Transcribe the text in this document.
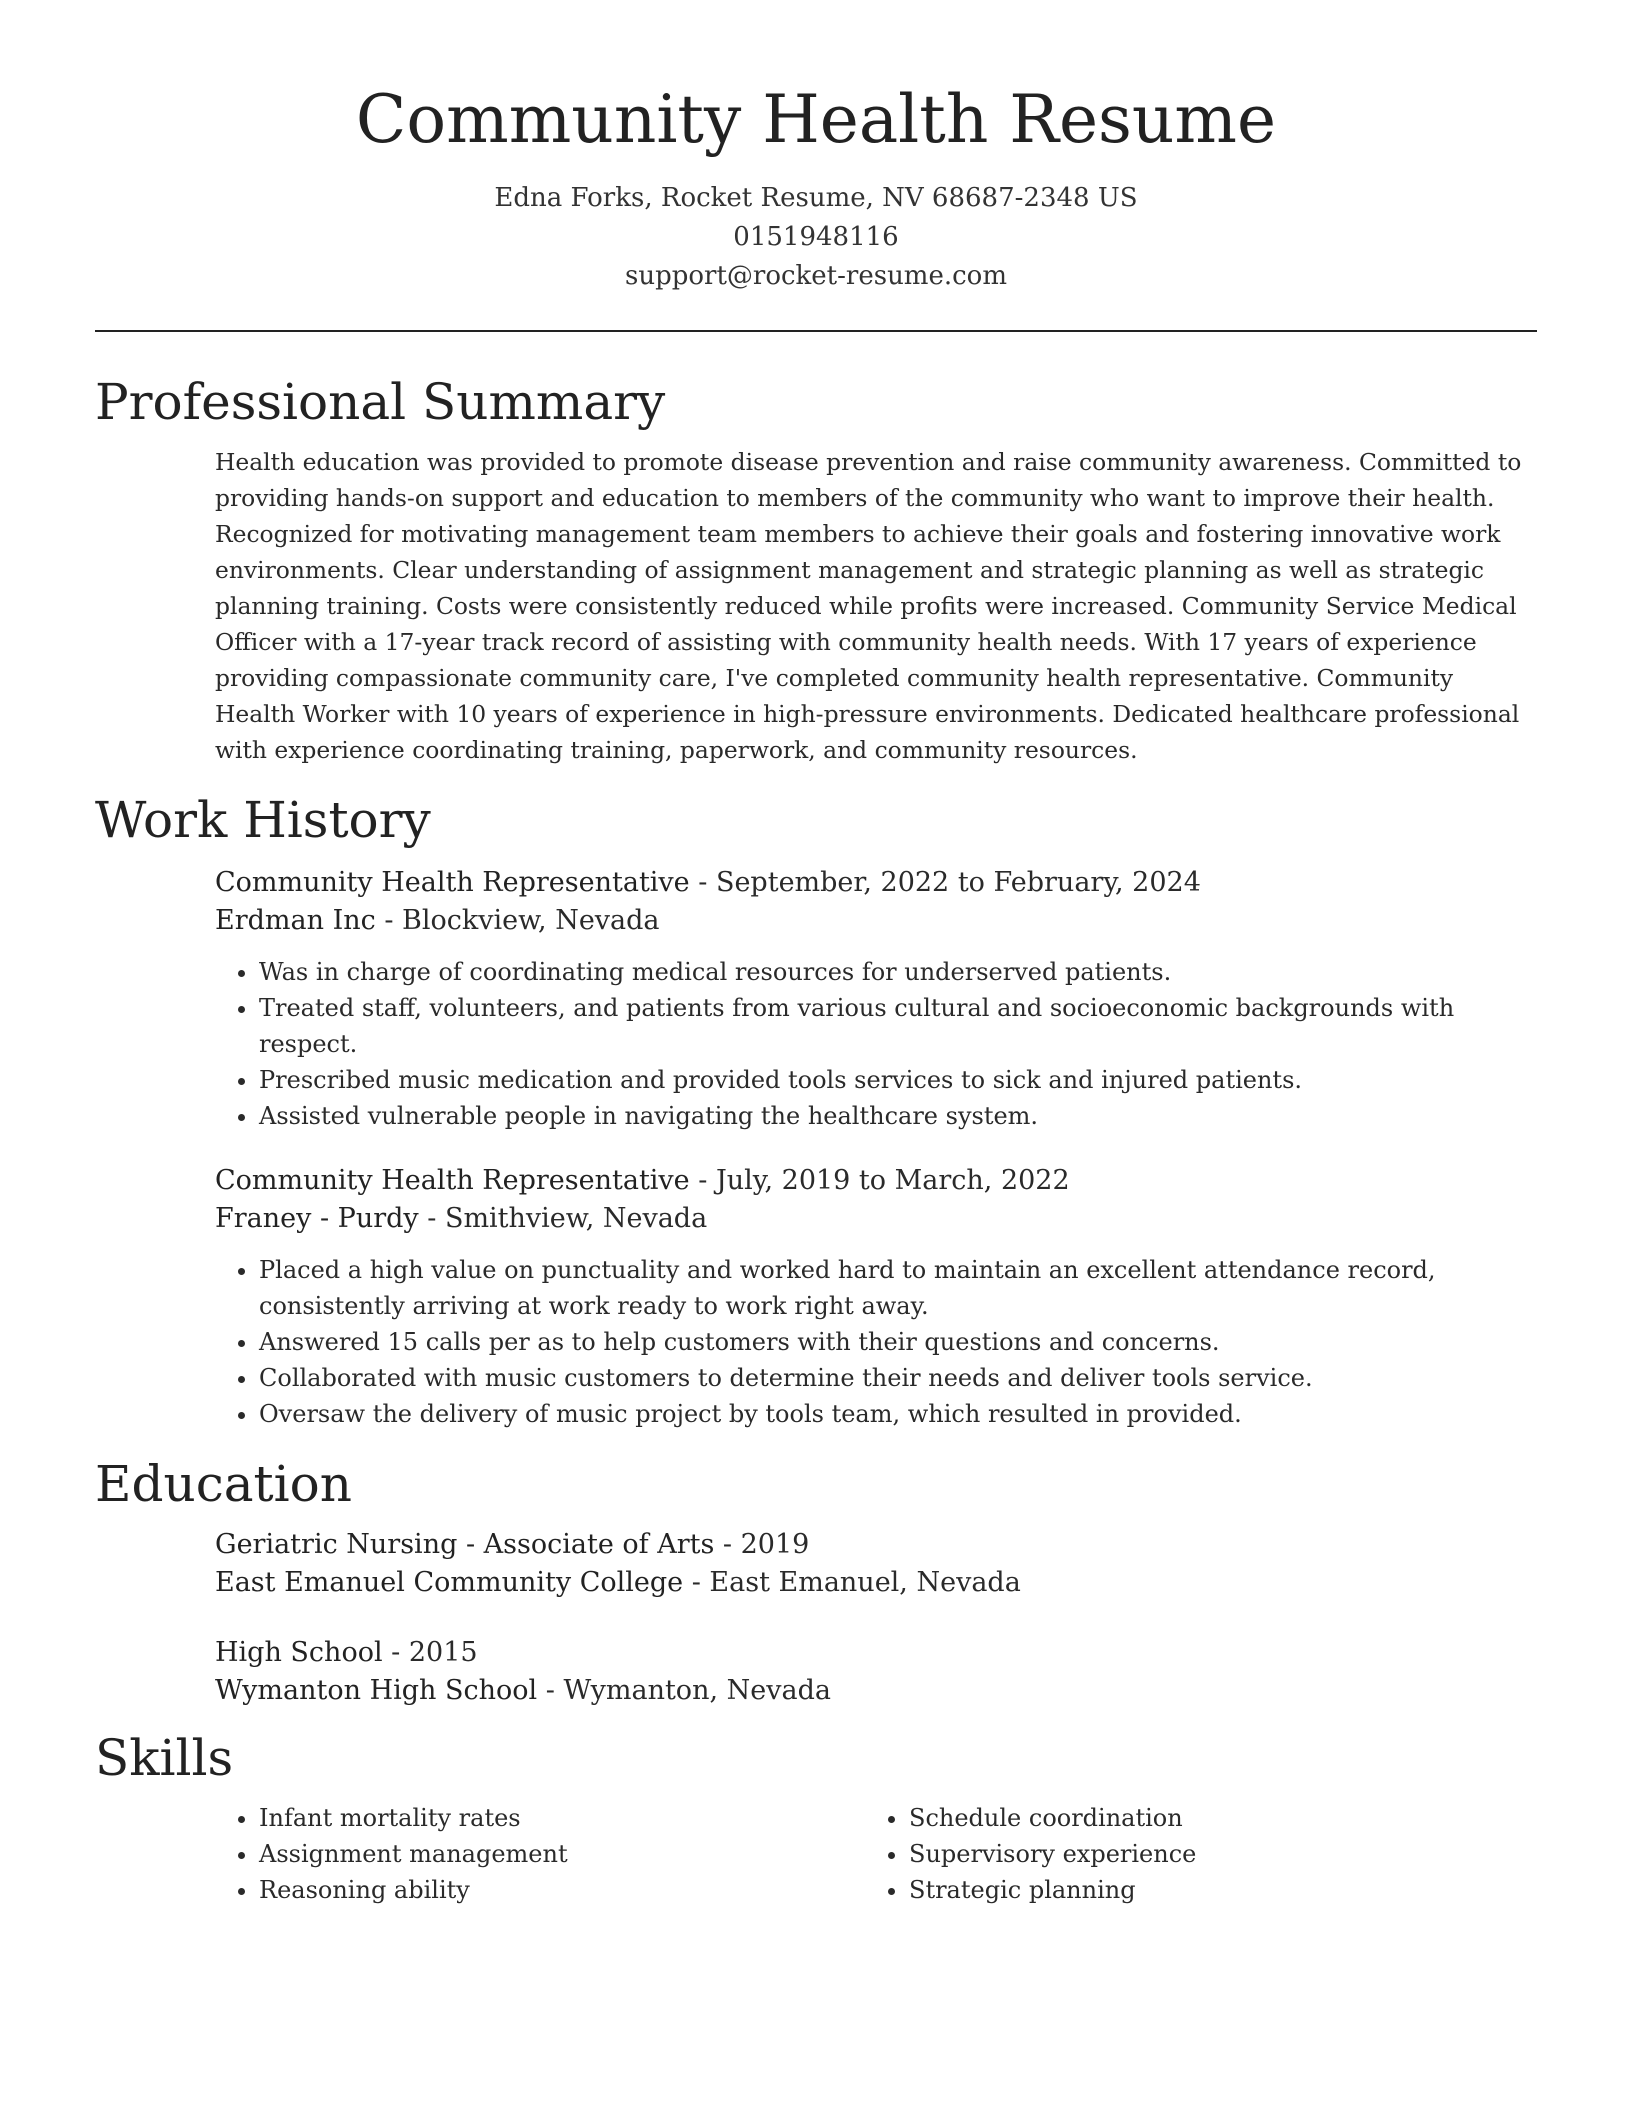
Community Health Resume
Edna Forks, Rocket Resume, NV 68687-2348 US
0151948116
support@rocket-resume.com
Professional Summary

Health education was provided to promote disease prevention and raise community awareness. Committed to providing hands-on support and education to members of the community who want to improve their health. Recognized for motivating management team members to achieve their goals and fostering innovative work environments. Clear understanding of assignment management and strategic planning as well as strategic planning training. Costs were consistently reduced while profits were increased. Community Service Medical Officer with a 17-year track record of assisting with community health needs. With 17 years of experience providing compassionate community care, I've completed community health representative. Community Health Worker with 10 years of experience in high-pressure environments. Dedicated healthcare professional with experience coordinating training, paperwork, and community resources.

Work History
Community Health Representative - September, 2022 to February, 2024
Erdman Inc - Blockview, Nevada
• Was in charge of coordinating medical resources for underserved patients.
• Treated staff, volunteers, and patients from various cultural and socioeconomic backgrounds with respect.
• Prescribed music medication and provided tools services to sick and injured patients.
• Assisted vulnerable people in navigating the healthcare system.
Community Health Representative - July, 2019 to March, 2022
Franey - Purdy - Smithview, Nevada
• Placed a high value on punctuality and worked hard to maintain an excellent attendance record, consistently arriving at work ready to work right away.
• Answered 15 calls per as to help customers with their questions and concerns.
• Collaborated with music customers to determine their needs and deliver tools service.
• Oversaw the delivery of music project by tools team, which resulted in provided.
Education
Geriatric Nursing - Associate of Arts - 2019
East Emanuel Community College - East Emanuel, Nevada
High School - 2015
Wymanton High School - Wymanton, Nevada
Skills
• Infant mortality rates
• Assignment management
• Reasoning ability
• Schedule coordination
• Supervisory experience
• Strategic planning
